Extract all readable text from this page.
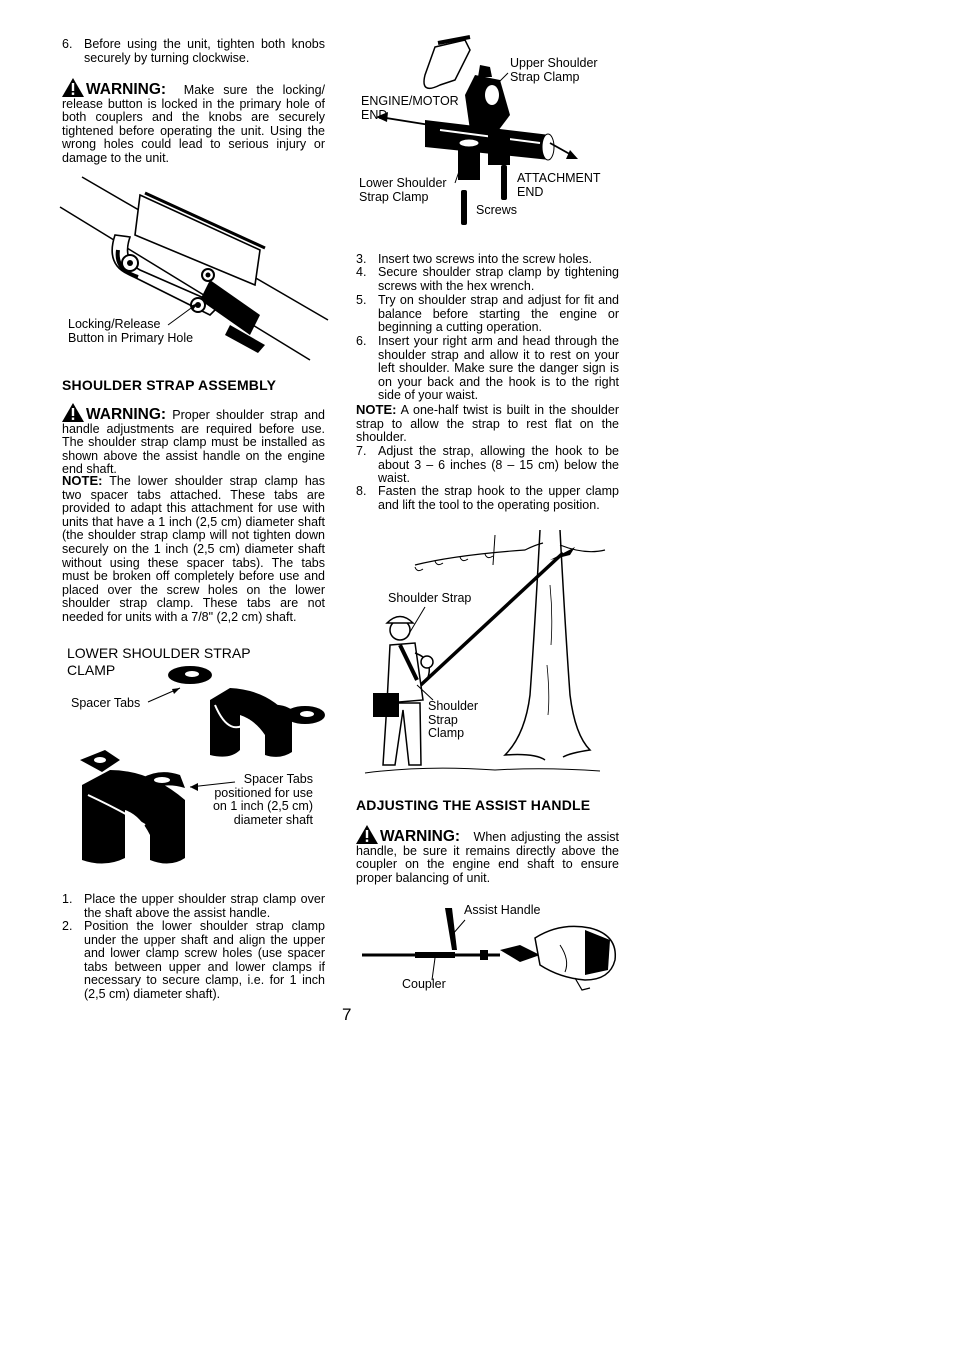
6. Before using the unit, tighten both knobs securely by turning clockwise.
WARNING: Make sure the locking/ release button is locked in the primary hole of both couplers and the knobs are securely tightened before operating the unit. Using the wrong holes could lead to serious injury or damage to the unit.
Locking/Release
Button in Primary Hole
SHOULDER STRAP ASSEMBLY
WARNING: Proper shoulder strap and handle adjustments are required before use. The shoulder strap clamp must be installed as shown above the assist handle on the engine end shaft.
NOTE: The lower shoulder strap clamp has two spacer tabs attached. These tabs are provided to adapt this attachment for use with units that have a 1 inch (2,5 cm) diameter shaft (the shoulder strap clamp will not tighten down securely on the 1 inch (2,5 cm) diameter shaft without using these spacer tabs). The tabs must be broken off completely before use and placed over the screw holes on the lower shoulder strap clamp. These tabs are not needed for units with a 7/8" (2,2 cm) shaft.
LOWER SHOULDER STRAP
CLAMP
Spacer Tabs
Spacer Tabs
positioned for use
on 1 inch (2,5 cm)
diameter shaft
1. Place the upper shoulder strap clamp over the shaft above the assist handle.
2. Position the lower shoulder strap clamp under the upper shaft and align the upper and lower clamp screw holes (use spacer tabs between upper and lower clamps if necessary to secure clamp, i.e. for 1 inch (2,5 cm) diameter shaft).
Upper Shoulder
Strap Clamp
ENGINE/MOTOR
END
Lower Shoulder
Strap Clamp
ATTACHMENT
END
Screws
3. Insert two screws into the screw holes.
4. Secure shoulder strap clamp by tightening screws with the hex wrench.
5. Try on shoulder strap and adjust for fit and balance before starting the engine or beginning a cutting operation.
6. Insert your right arm and head through the shoulder strap and allow it to rest on your left shoulder. Make sure the danger sign is on your back and the hook is to the right side of your waist.
NOTE: A one-half twist is built in the shoulder strap to allow the strap to rest flat on the shoulder.
7. Adjust the strap, allowing the hook to be about 3 – 6 inches (8 – 15 cm) below the waist.
8. Fasten the strap hook to the upper clamp and lift the tool to the operating position.
Shoulder Strap
Shoulder
Strap
Clamp
ADJUSTING THE ASSIST HANDLE
WARNING: When adjusting the assist handle, be sure it remains directly above the coupler on the engine end shaft to ensure proper balancing of unit.
Assist Handle
Coupler
7
